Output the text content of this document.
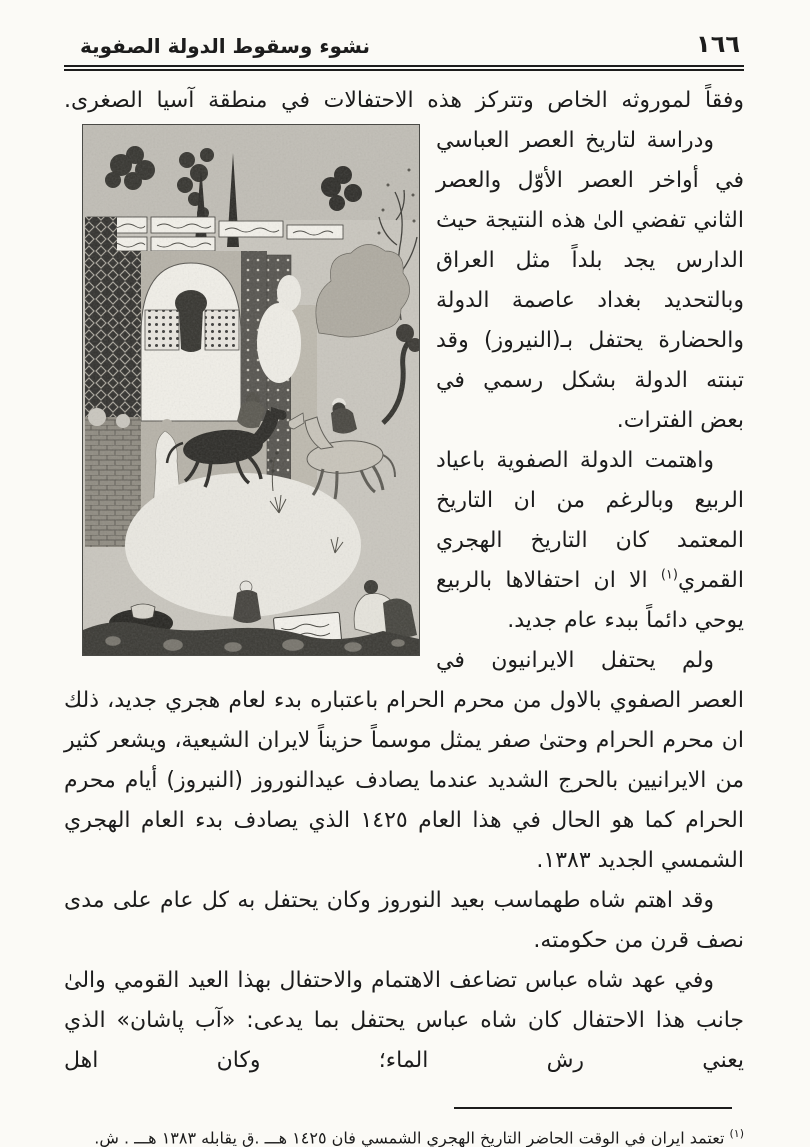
نشوء وسقوط الدولة الصفوية	١٦٦

وفقاً لموروثه الخاص وتتركز هذه الاحتفالات في منطقة آسيا الصغرى.

ودراسة لتاريخ العصر العباسي في أواخر العصر الأوّل والعصر الثاني تفضي الىٰ هذه النتيجة حيث الدارس يجد بلداً مثل العراق وبالتحديد بغداد عاصمة الدولة والحضارة يحتفل بـ(النيروز) وقد تبنته الدولة بشكل رسمي في بعض الفترات.

واهتمت الدولة الصفوية باعياد الربيع وبالرغم من ان التاريخ المعتمد كان التاريخ الهجري القمري$^{(١)}$ الا ان احتفالاها بالربيع يوحي دائماً ببدء عام جديد.

ولم يحتفل الايرانيون في العصر الصفوي بالاول من محرم الحرام باعتباره بدء لعام هجري جديد، ذلك ان محرم الحرام وحتىٰ صفر يمثل موسماً حزيناً لايران الشيعية، ويشعر كثير من الايرانيين بالحرج الشديد عندما يصادف عيدالنوروز (النيروز) أيام محرم الحرام كما هو الحال في هذا العام ١٤٢٥ الذي يصادف بدء العام الهجري الشمسي الجديد ١٣٨٣.

وقد اهتم شاه طهماسب بعيد النوروز وكان يحتفل به كل عام على مدى نصف قرن من حكومته.

وفي عهد شاه عباس تضاعف الاهتمام والاحتفال بهذا العيد القومي والىٰ جانب هذا الاحتفال كان شاه عباس يحتفل بما يدعى: «آب پاشان» الذي يعني رش الماء؛ وكان اهل

$^{(١)}$ تعتمد ايران في الوقت الحاضر التاريخ الهجري الشمسي فان ١٤٢٥ هـــ .ق يقابله ١٣٨٣ هـــ . ش.
